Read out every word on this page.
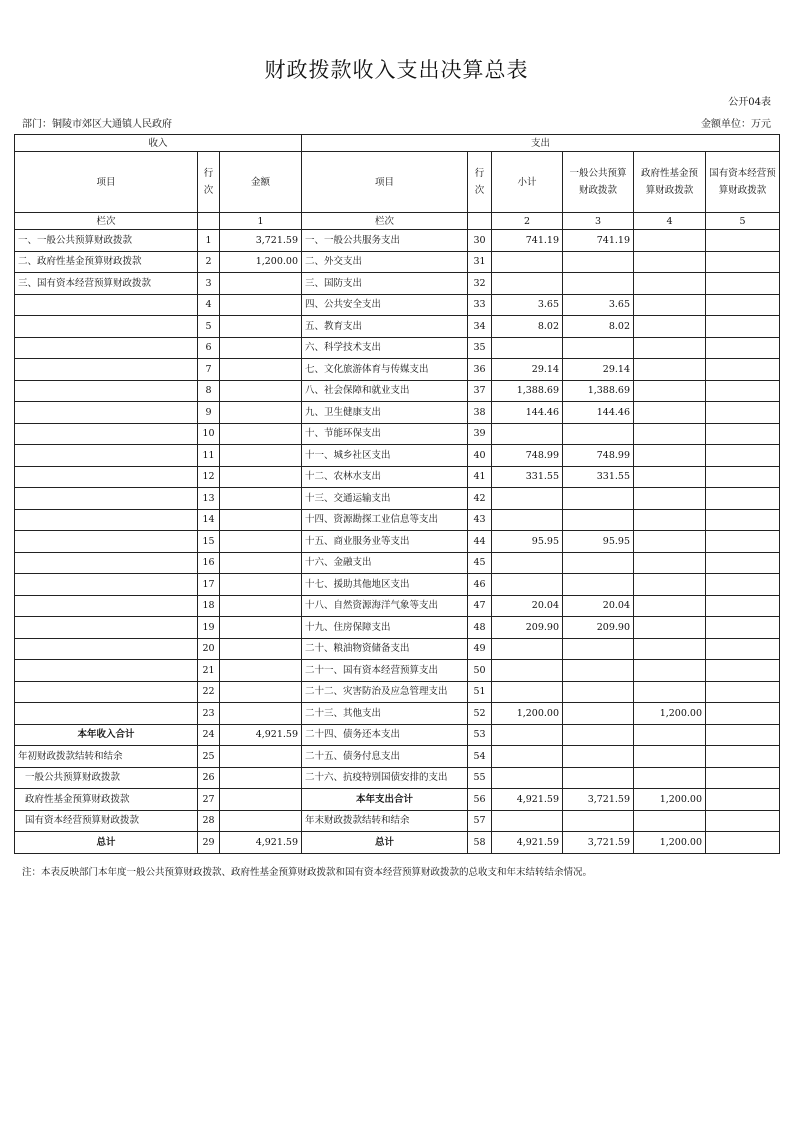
财政拨款收入支出决算总表
公开04表
部门：铜陵市郊区大通镇人民政府	金额单位：万元
收入			支出					
项目	行次	金额	项目	行次	小计	一般公共预算财政拨款	政府性基金预算财政拨款	国有资本经营预算财政拨款
栏次		1	栏次		2	3	4	5
一、一般公共预算财政拨款	1	3,721.59	一、一般公共服务支出	30	741.19	741.19		
二、政府性基金预算财政拨款	2	1,200.00	二、外交支出	31				
三、国有资本经营预算财政拨款	3		三、国防支出	32				
	4		四、公共安全支出	33	3.65	3.65		
	5		五、教育支出	34	8.02	8.02		
	6		六、科学技术支出	35				
	7		七、文化旅游体育与传媒支出	36	29.14	29.14		
	8		八、社会保障和就业支出	37	1,388.69	1,388.69		
	9		九、卫生健康支出	38	144.46	144.46		
	10		十、节能环保支出	39				
	11		十一、城乡社区支出	40	748.99	748.99		
	12		十二、农林水支出	41	331.55	331.55		
	13		十三、交通运输支出	42				
	14		十四、资源勘探工业信息等支出	43				
	15		十五、商业服务业等支出	44	95.95	95.95		
	16		十六、金融支出	45				
	17		十七、援助其他地区支出	46				
	18		十八、自然资源海洋气象等支出	47	20.04	20.04		
	19		十九、住房保障支出	48	209.90	209.90		
	20		二十、粮油物资储备支出	49				
	21		二十一、国有资本经营预算支出	50				
	22		二十二、灾害防治及应急管理支出	51				
	23		二十三、其他支出	52	1,200.00		1,200.00	
本年收入合计	24	4,921.59	二十四、债务还本支出	53				
年初财政拨款结转和结余	25		二十五、债务付息支出	54				
一般公共预算财政拨款	26		二十六、抗疫特别国债安排的支出	55				
政府性基金预算财政拨款	27		本年支出合计	56	4,921.59	3,721.59	1,200.00	
国有资本经营预算财政拨款	28		年末财政拨款结转和结余	57				
总计	29	4,921.59	总计	58	4,921.59	3,721.59	1,200.00	
注：本表反映部门本年度一般公共预算财政拨款、政府性基金预算财政拨款和国有资本经营预算财政拨款的总收支和年末结转结余情况。
